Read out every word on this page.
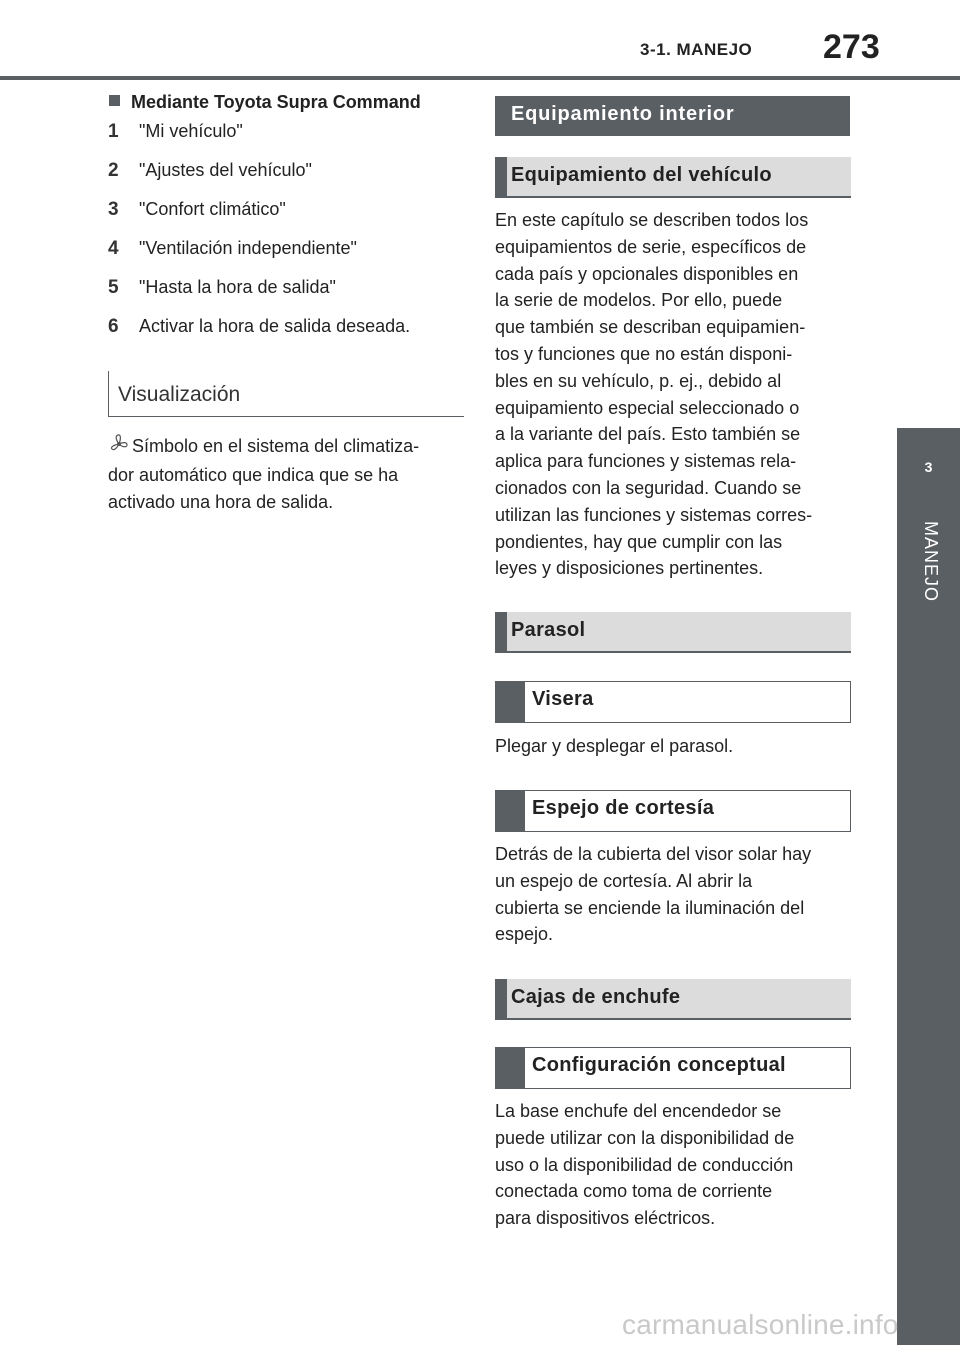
3-1. MANEJO 273
3
MANEJO
Mediante Toyota Supra Command
1 "Mi vehículo"
2 "Ajustes del vehículo"
3 "Confort climático"
4 "Ventilación independiente"
5 "Hasta la hora de salida"
6 Activar la hora de salida deseada.
Visualización
Símbolo en el sistema del climatiza-
dor automático que indica que se ha
activado una hora de salida.
Equipamiento interior
Equipamiento del vehículo
En este capítulo se describen todos los
equipamientos de serie, específicos de
cada país y opcionales disponibles en
la serie de modelos. Por ello, puede
que también se describan equipamien-
tos y funciones que no están disponi-
bles en su vehículo, p. ej., debido al
equipamiento especial seleccionado o
a la variante del país. Esto también se
aplica para funciones y sistemas rela-
cionados con la seguridad. Cuando se
utilizan las funciones y sistemas corres-
pondientes, hay que cumplir con las
leyes y disposiciones pertinentes.
Parasol
Visera
Plegar y desplegar el parasol.
Espejo de cortesía
Detrás de la cubierta del visor solar hay
un espejo de cortesía. Al abrir la
cubierta se enciende la iluminación del
espejo.
Cajas de enchufe
Configuración conceptual
La base enchufe del encendedor se
puede utilizar con la disponibilidad de
uso o la disponibilidad de conducción
conectada como toma de corriente
para dispositivos eléctricos.
carmanualsonline.info
